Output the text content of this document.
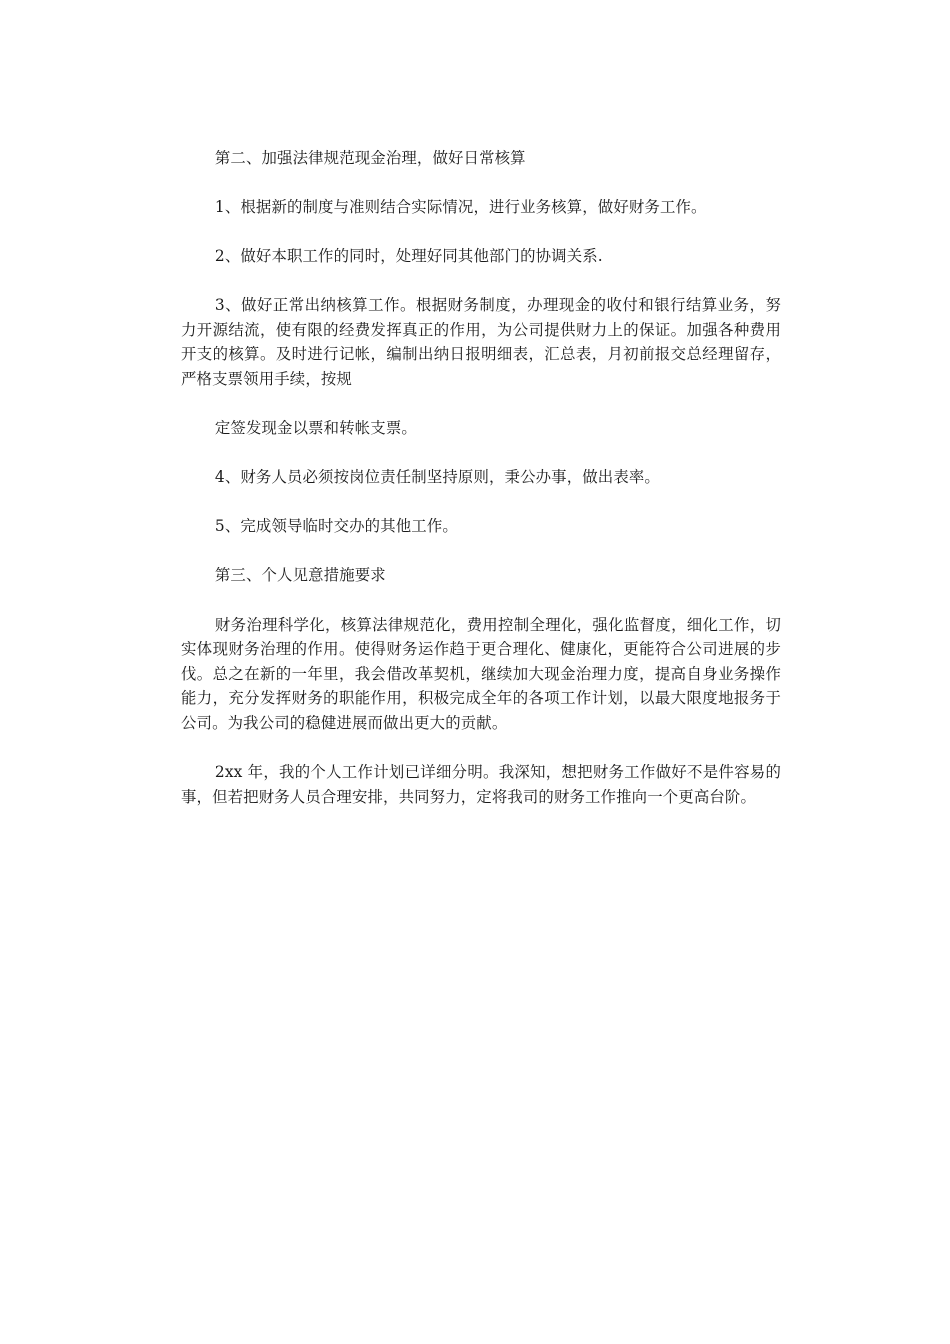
第二、加强法律规范现金治理，做好日常核算

1、根据新的制度与准则结合实际情况，进行业务核算，做好财务工作。

2、做好本职工作的同时，处理好同其他部门的协调关系.

3、做好正常出纳核算工作。根据财务制度，办理现金的收付和银行结算业务，努力开源结流，使有限的经费发挥真正的作用，为公司提供财力上的保证。加强各种费用开支的核算。及时进行记帐，编制出纳日报明细表，汇总表，月初前报交总经理留存，严格支票领用手续，按规

定签发现金以票和转帐支票。

4、财务人员必须按岗位责任制坚持原则，秉公办事，做出表率。

5、完成领导临时交办的其他工作。

第三、个人见意措施要求

财务治理科学化，核算法律规范化，费用控制全理化，强化监督度，细化工作，切实体现财务治理的作用。使得财务运作趋于更合理化、健康化，更能符合公司进展的步伐。总之在新的一年里，我会借改革契机，继续加大现金治理力度，提高自身业务操作能力，充分发挥财务的职能作用，积极完成全年的各项工作计划，以最大限度地报务于公司。为我公司的稳健进展而做出更大的贡献。

2xx 年，我的个人工作计划已详细分明。我深知，想把财务工作做好不是件容易的事，但若把财务人员合理安排，共同努力，定将我司的财务工作推向一个更高台阶。
